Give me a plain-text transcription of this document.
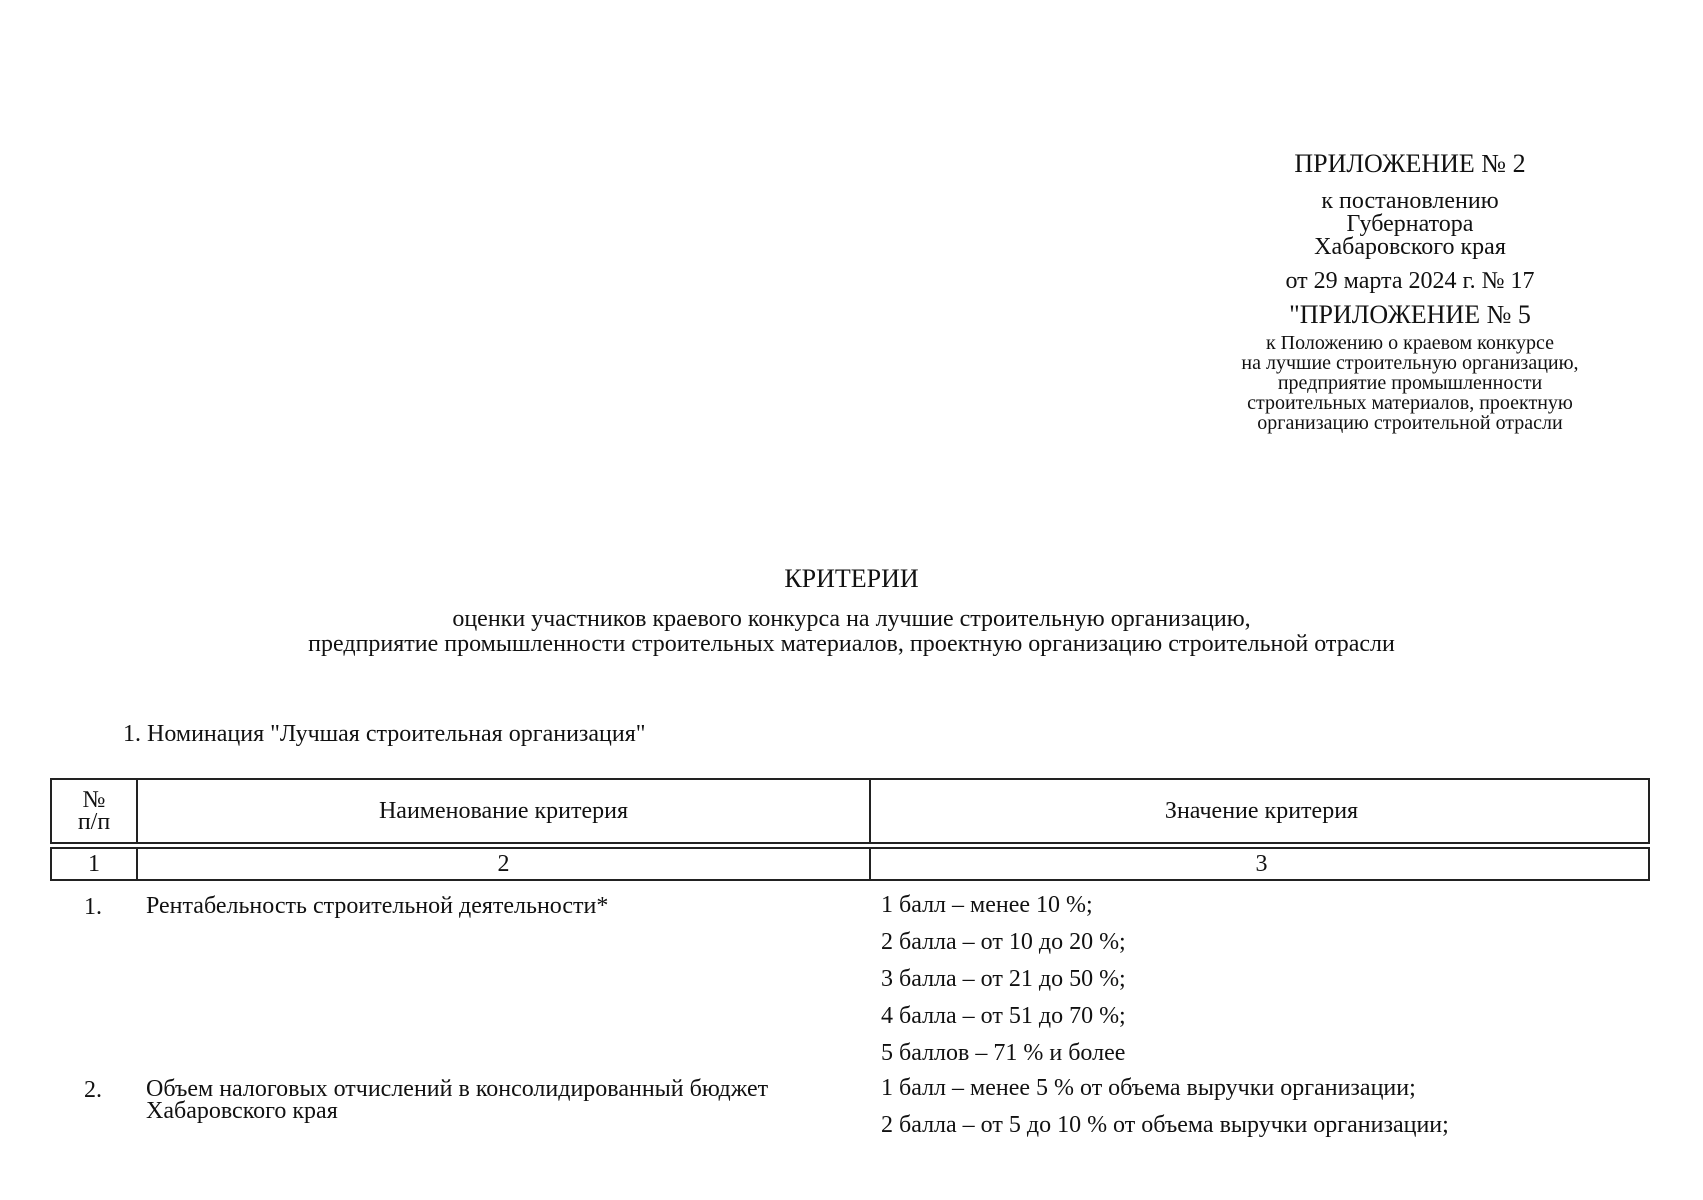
ПРИЛОЖЕНИЕ № 2
к постановлению
Губернатора
Хабаровского края
от 29 марта 2024 г. № 17
"ПРИЛОЖЕНИЕ № 5
к Положению о краевом конкурсе
на лучшие строительную организацию,
предприятие промышленности
строительных материалов, проектную
организацию строительной отрасли
КРИТЕРИИ
оценки участников краевого конкурса на лучшие строительную организацию,
предприятие промышленности строительных материалов, проектную организацию строительной отрасли
1. Номинация "Лучшая строительная организация"
№
п/п	Наименование критерия	Значение критерия
1	2	3
1.	Рентабельность строительной деятельности*	1 балл – менее 10 %;
2 балла – от 10 до 20 %;
3 балла – от 21 до 50 %;
4 балла – от 51 до 70 %;
5 баллов – 71 % и более
2.	Объем налоговых отчислений в консолидированный бюджет Хабаровского края
1 балл – менее 5 % от объема выручки организации;
2 балла – от 5 до 10 % от объема выручки организации;
